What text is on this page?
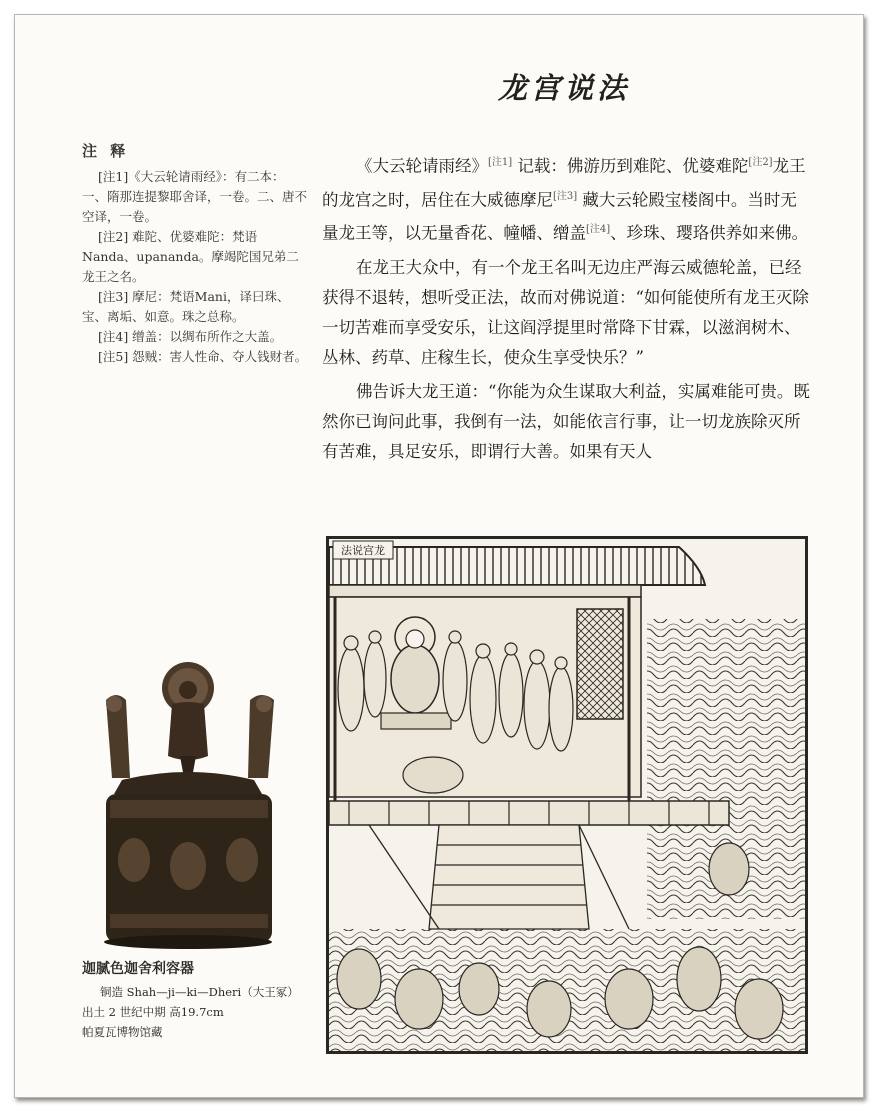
龙宫说法
注 释
[注1]《大云轮请雨经》：有二本：一、隋那连提黎耶舍译，一卷。二、唐不空译，一卷。
[注2] 难陀、优婆难陀：梵语Nanda、upananda。摩竭陀国兄弟二龙王之名。
[注3] 摩尼：梵语Mani，译曰珠、宝、离垢、如意。珠之总称。
[注4] 缯盖：以绸布所作之大盖。
[注5] 怨贼：害人性命、夺人钱财者。

《大云轮请雨经》[注1] 记载：佛游历到难陀、优婆难陀[注2]龙王的龙宫之时，居住在大威德摩尼[注3] 藏大云轮殿宝楼阁中。当时无量龙王等，以无量香花、幢幡、缯盖[注4]、珍珠、璎珞供养如来佛。

在龙王大众中，有一个龙王名叫无边庄严海云威德轮盖，已经获得不退转，想听受正法，故而对佛说道：“如何能使所有龙王灭除一切苦难而享受安乐，让这阎浮提里时常降下甘霖，以滋润树木、丛林、药草、庄稼生长，使众生享受快乐？”

佛告诉大龙王道：“你能为众生谋取大利益，实属难能可贵。既然你已询问此事，我倒有一法，如能依言行事，让一切龙族除灭所有苦难，具足安乐，即谓行大善。如果有天人

法说宫龙
迦腻色迦舍利容器
铜造 Shah—ji—ki—Dheri（大王冢）
出土 2 世纪中期 高19.7cm
帕夏瓦博物馆藏
